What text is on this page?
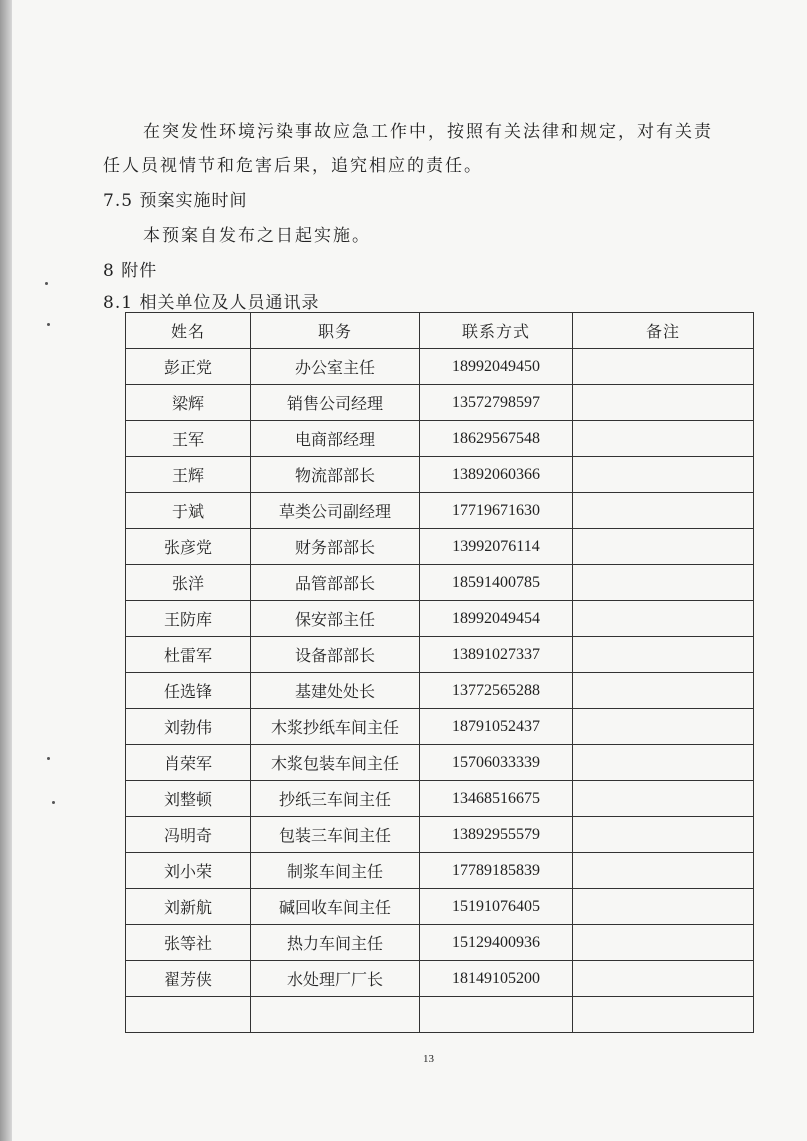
在突发性环境污染事故应急工作中，按照有关法律和规定，对有关责
任人员视情节和危害后果，追究相应的责任。
7.5 预案实施时间
本预案自发布之日起实施。
8 附件
8.1 相关单位及人员通讯录
姓名	职务	联系方式	备注
彭正党	办公室主任	18992049450	
梁辉	销售公司经理	13572798597	
王军	电商部经理	18629567548	
王辉	物流部部长	13892060366	
于斌	草类公司副经理	17719671630	
张彦党	财务部部长	13992076114	
张洋	品管部部长	18591400785	
王防库	保安部主任	18992049454	
杜雷军	设备部部长	13891027337	
任选锋	基建处处长	13772565288	
刘勃伟	木浆抄纸车间主任	18791052437	
肖荣军	木浆包装车间主任	15706033339	
刘整顿	抄纸三车间主任	13468516675	
冯明奇	包装三车间主任	13892955579	
刘小荣	制浆车间主任	17789185839	
刘新航	碱回收车间主任	15191076405	
张等社	热力车间主任	15129400936	
翟芳侠	水处理厂厂长	18149105200	

13
